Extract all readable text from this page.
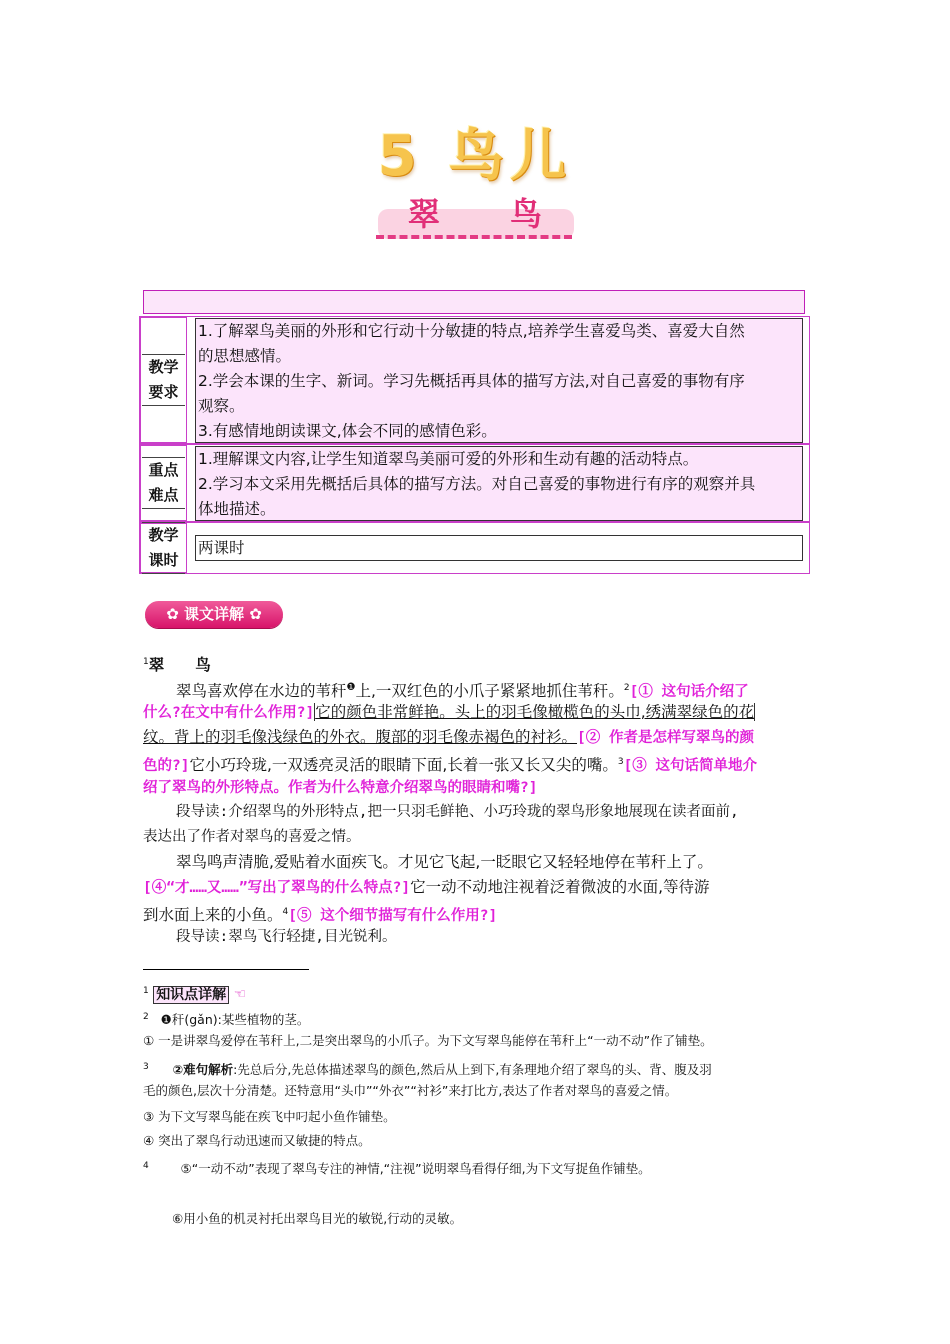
5 鸟儿
翠　　鸟
教学
要求
1.了解翠鸟美丽的外形和它行动十分敏捷的特点,培养学生喜爱鸟类、喜爱大自然
的思想感情。
2.学会本课的生字、新词。学习先概括再具体的描写方法,对自己喜爱的事物有序
观察。
3.有感情地朗读课文,体会不同的感情色彩。
重点
难点
1.理解课文内容,让学生知道翠鸟美丽可爱的外形和生动有趣的活动特点。
2.学习本文采用先概括后具体的描写方法。对自己喜爱的事物进行有序的观察并具
体地描述。
教学
课时
两课时
✿ 课文详解 ✿
$^1$翠　　鸟
翠鸟喜欢停在水边的苇秆$^❶$上,一双红色的小爪子紧紧地抓住苇秆。$^2$[① 这句话介绍了
什么?在文中有什么作用?]它的颜色非常鲜艳。头上的羽毛像橄榄色的头巾,绣满翠绿色的花
纹。背上的羽毛像浅绿色的外衣。腹部的羽毛像赤褐色的衬衫。[② 作者是怎样写翠鸟的颜
色的?]它小巧玲珑,一双透亮灵活的眼睛下面,长着一张又长又尖的嘴。$^3$[③ 这句话简单地介
绍了翠鸟的外形特点。作者为什么特意介绍翠鸟的眼睛和嘴?]
段导读:介绍翠鸟的外形特点,把一只羽毛鲜艳、小巧玲珑的翠鸟形象地展现在读者面前,
表达出了作者对翠鸟的喜爱之情。
翠鸟鸣声清脆,爱贴着水面疾飞。才见它飞起,一眨眼它又轻轻地停在苇秆上了。
[④“才……又……”写出了翠鸟的什么特点?]它一动不动地注视着泛着微波的水面,等待游
到水面上来的小鱼。$^4$[⑤ 这个细节描写有什么作用?]
段导读:翠鸟飞行轻捷,目光锐利。
$^1$ 知识点详解 ☜
$^2$ ❶秆(gǎn):某些植物的茎。
① 一是讲翠鸟爱停在苇秆上,二是突出翠鸟的小爪子。为下文写翠鸟能停在苇秆上“一动不动”作了铺垫。
$^3$ ②难句解析:先总后分,先总体描述翠鸟的颜色,然后从上到下,有条理地介绍了翠鸟的头、背、腹及羽
毛的颜色,层次十分清楚。还特意用“头巾”“外衣”“衬衫”来打比方,表达了作者对翠鸟的喜爱之情。
③ 为下文写翠鸟能在疾飞中叼起小鱼作铺垫。
④ 突出了翠鸟行动迅速而又敏捷的特点。
$^4$	⑤“一动不动”表现了翠鸟专注的神情,“注视”说明翠鸟看得仔细,为下文写捉鱼作铺垫。
⑥用小鱼的机灵衬托出翠鸟目光的敏锐,行动的灵敏。
